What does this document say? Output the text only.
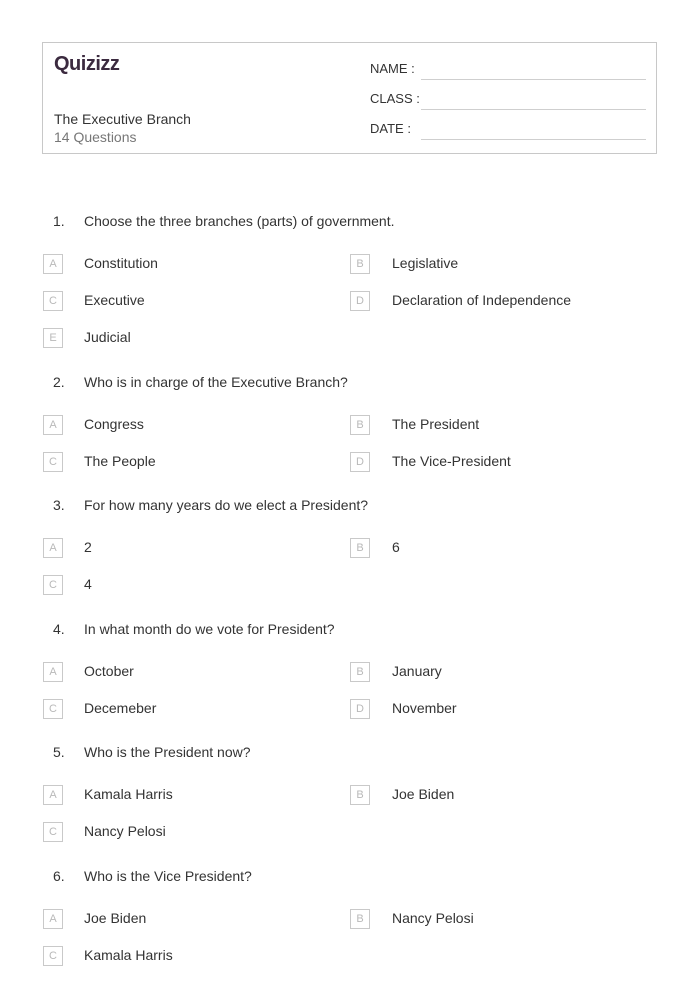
Quizizz
The Executive Branch
14 Questions
NAME :
CLASS :
DATE :
1. Choose the three branches (parts) of government.
A	Constitution	B	Legislative
C	Executive	D	Declaration of Independence
E	Judicial
2. Who is in charge of the Executive Branch?
A	Congress	B	The President
C	The People	D	The Vice-President
3. For how many years do we elect a President?
A	2	B	6
C	4
4. In what month do we vote for President?
A	October	B	January
C	Decemeber	D	November
5. Who is the President now?
A	Kamala Harris	B	Joe Biden
C	Nancy Pelosi
6. Who is the Vice President?
A	Joe Biden	B	Nancy Pelosi
C	Kamala Harris
